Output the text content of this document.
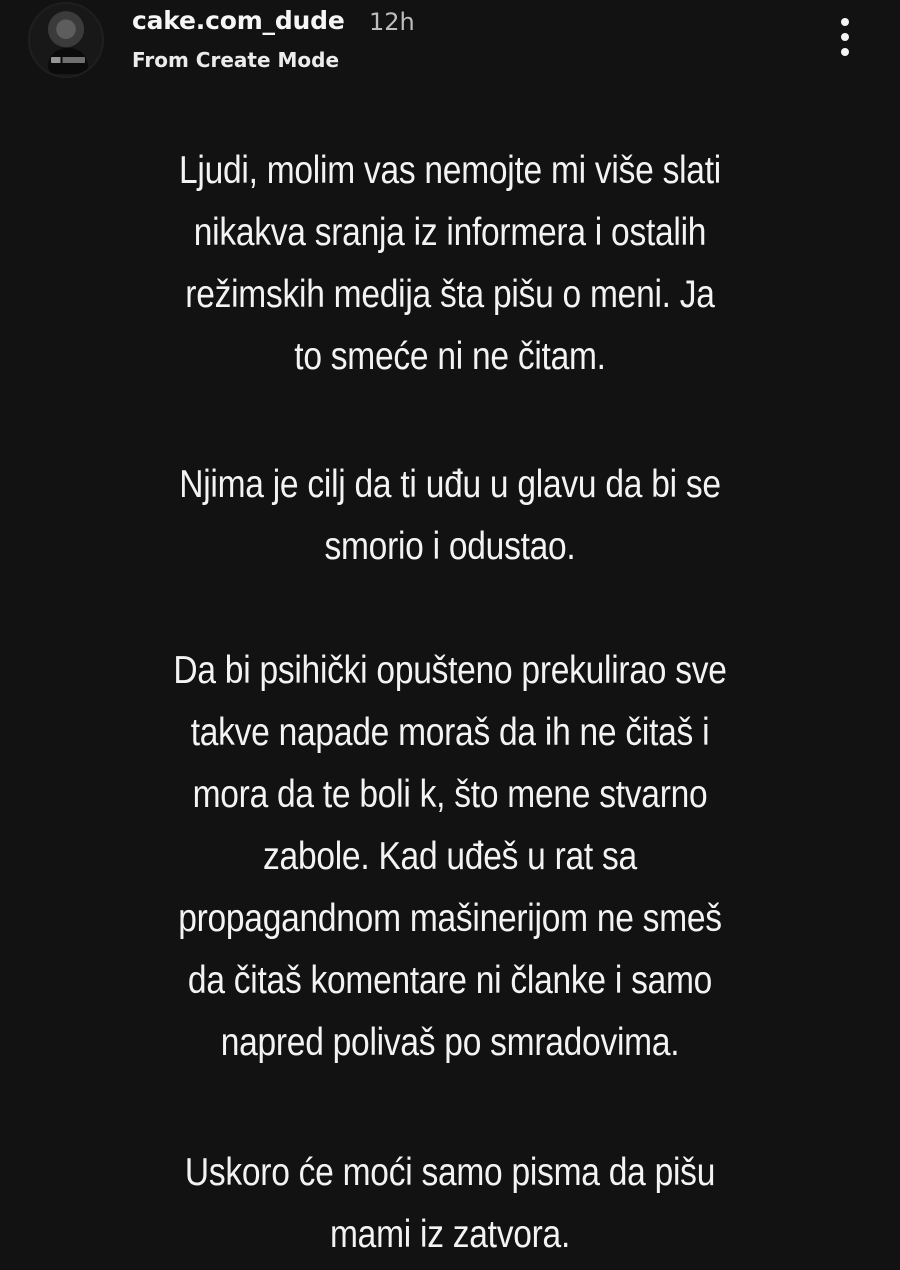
cake.com_dude 12h
From Create Mode

Ljudi, molim vas nemojte mi više slati
nikakva sranja iz informera i ostalih
režimskih medija šta pišu o meni. Ja
to smeće ni ne čitam.

Njima je cilj da ti uđu u glavu da bi se
smorio i odustao.

Da bi psihički opušteno prekulirao sve
takve napade moraš da ih ne čitaš i
mora da te boli k, što mene stvarno
zabole. Kad uđeš u rat sa
propagandnom mašinerijom ne smeš
da čitaš komentare ni članke i samo
napred polivaš po smradovima.

Uskoro će moći samo pisma da pišu
mami iz zatvora.
